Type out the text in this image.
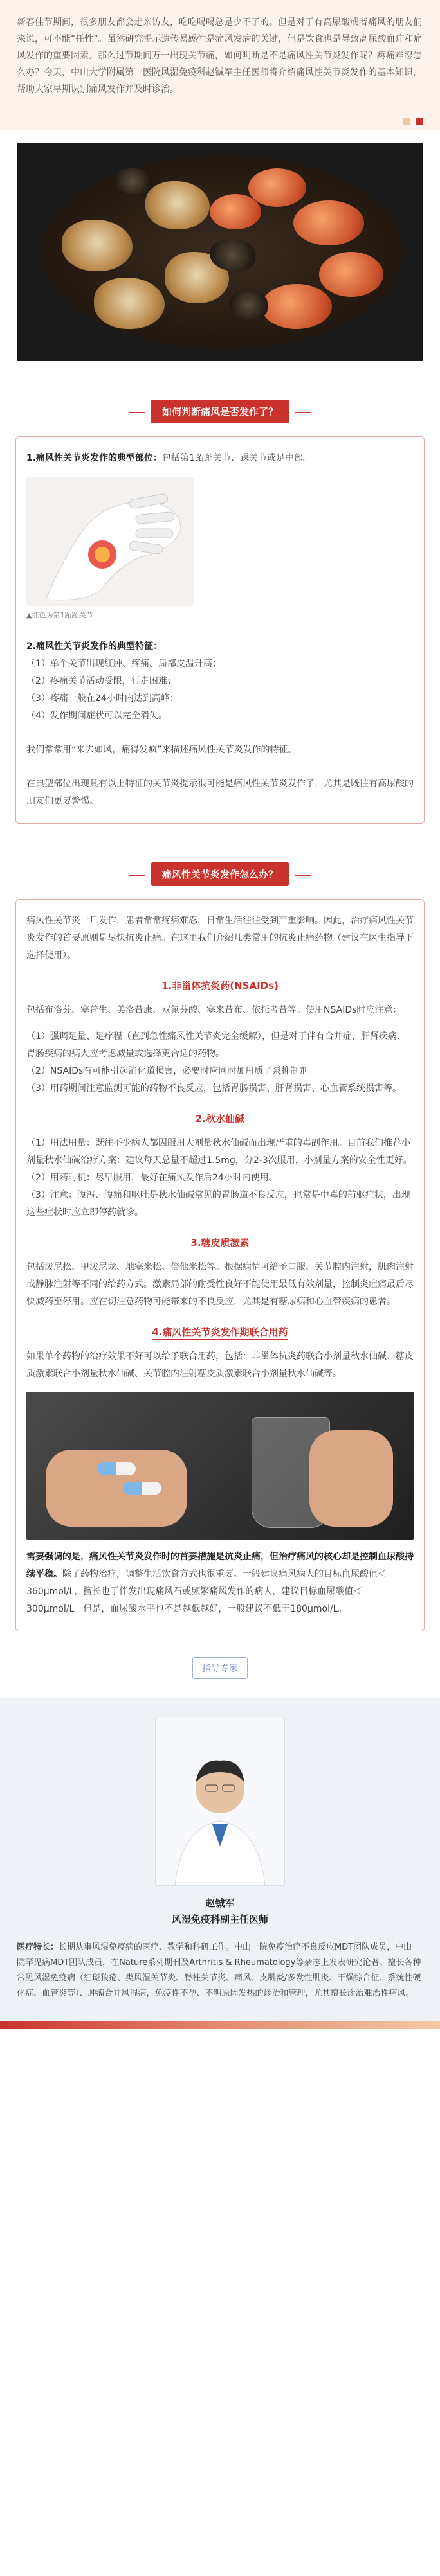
新春佳节期间，很多朋友都会走亲访友，吃吃喝喝总是少不了的。但是对于有高尿酸或者痛风的朋友们来说，可不能“任性”。虽然研究提示遗传易感性是痛风发病的关键，但是饮食也是导致高尿酸血症和痛风发作的重要因素。那么过节期间万一出现关节痛，如何判断是不是痛风性关节炎发作呢？疼痛难忍怎么办？今天，中山大学附属第一医院风湿免疫科赵铖军主任医师将介绍痛风性关节炎发作的基本知识，帮助大家早期识别痛风发作并及时诊治。
如何判断痛风是否发作了？
1.痛风性关节炎发作的典型部位：包括第1跖趾关节、踝关节或足中部。
▲红色为第1跖趾关节
2.痛风性关节炎发作的典型特征：
（1）单个关节出现红肿、疼痛、局部皮温升高；
（2）疼痛关节活动受限，行走困难；
（3）疼痛一般在24小时内达到高峰；
（4）发作期间症状可以完全消失。
我们常常用“来去如风，痛得发疯”来描述痛风性关节炎发作的特征。
在典型部位出现具有以上特征的关节炎提示很可能是痛风性关节炎发作了，尤其是既往有高尿酸的朋友们更要警惕。
痛风性关节炎发作怎么办？
痛风性关节炎一旦发作，患者常常疼痛难忍，日常生活往往受到严重影响。因此，治疗痛风性关节炎发作的首要原则是尽快抗炎止痛。在这里我们介绍几类常用的抗炎止痛药物（建议在医生指导下选择使用）。
1.非甾体抗炎药(NSAIDs)
包括布洛芬、塞普生、美洛昔康、双氯芬酸、塞来昔布、依托考昔等。使用NSAIDs时应注意：
（1）强调足量、足疗程（直到急性痛风性关节炎完全缓解），但是对于伴有合并症，肝肾疾病、胃肠疾病的病人应考虑减量或选择更合适的药物。
（2）NSAIDs有可能引起消化道损害，必要时应同时加用质子泵抑制剂。
（3）用药期间注意监测可能的药物不良反应，包括胃肠损害、肝肾损害、心血管系统损害等。
2.秋水仙碱
（1）用法用量：既往不少病人都因服用大剂量秋水仙碱而出现严重的毒副作用。目前我们推荐小剂量秋水仙碱治疗方案：建议每天总量不超过1.5mg，分2-3次服用，小剂量方案的安全性更好。
（2）用药时机：尽早服用，最好在痛风发作后24小时内使用。
（3）注意：腹泻、腹痛和呕吐是秋水仙碱常见的胃肠道不良反应，也常是中毒的前驱症状，出现这些症状时应立即停药就诊。
3.糖皮质激素
包括泼尼松、甲泼尼龙、地塞米松、倍他米松等。根据病情可给予口服、关节腔内注射，肌肉注射或静脉注射等不同的给药方式。激素局部的耐受性良好不能使用最低有效剂量，控制炎症痛最后尽快减药至停用。应在切注意药物可能带来的不良反应，尤其是有糖尿病和心血管疾病的患者。
4.痛风性关节炎发作期联合用药
如果单个药物的治疗效果不好可以给予联合用药，包括：非甾体抗炎药联合小剂量秋水仙碱、糖皮质激素联合小剂量秋水仙碱、关节腔内注射糖皮质激素联合小剂量秋水仙碱等。
需要强调的是，痛风性关节炎发作时的首要措施是抗炎止痛，但治疗痛风的核心却是控制血尿酸持续平稳。除了药物治疗，调整生活饮食方式也很重要。一般建议痛风病人的目标血尿酸值＜360μmol/L，擅长也于伴发出现痛风石或频繁痛风发作的病人，建议目标血尿酸值＜300μmol/L。但是，血尿酸水平也不是越低越好，一般建议不低于180μmol/L。
指导专家
赵铖军
风湿免疫科副主任医师
医疗特长：长期从事风湿免疫病的医疗、教学和科研工作。中山一院免疫治疗不良反应MDT团队成员，中山一院罕见病MDT团队成员，在Nature系列期刊及Arthritis & Rheumatology等杂志上发表研究论著。擅长各种常见风湿免疫病（红斑狼疮、类风湿关节炎、脊柱关节炎、痛风、皮肌炎/多发性肌炎、干燥综合征、系统性硬化症、血管炎等）、肿瘤合并风湿病，免疫性不孕、不明原因发热的诊治和管理，尤其擅长诊治难治性痛风。
